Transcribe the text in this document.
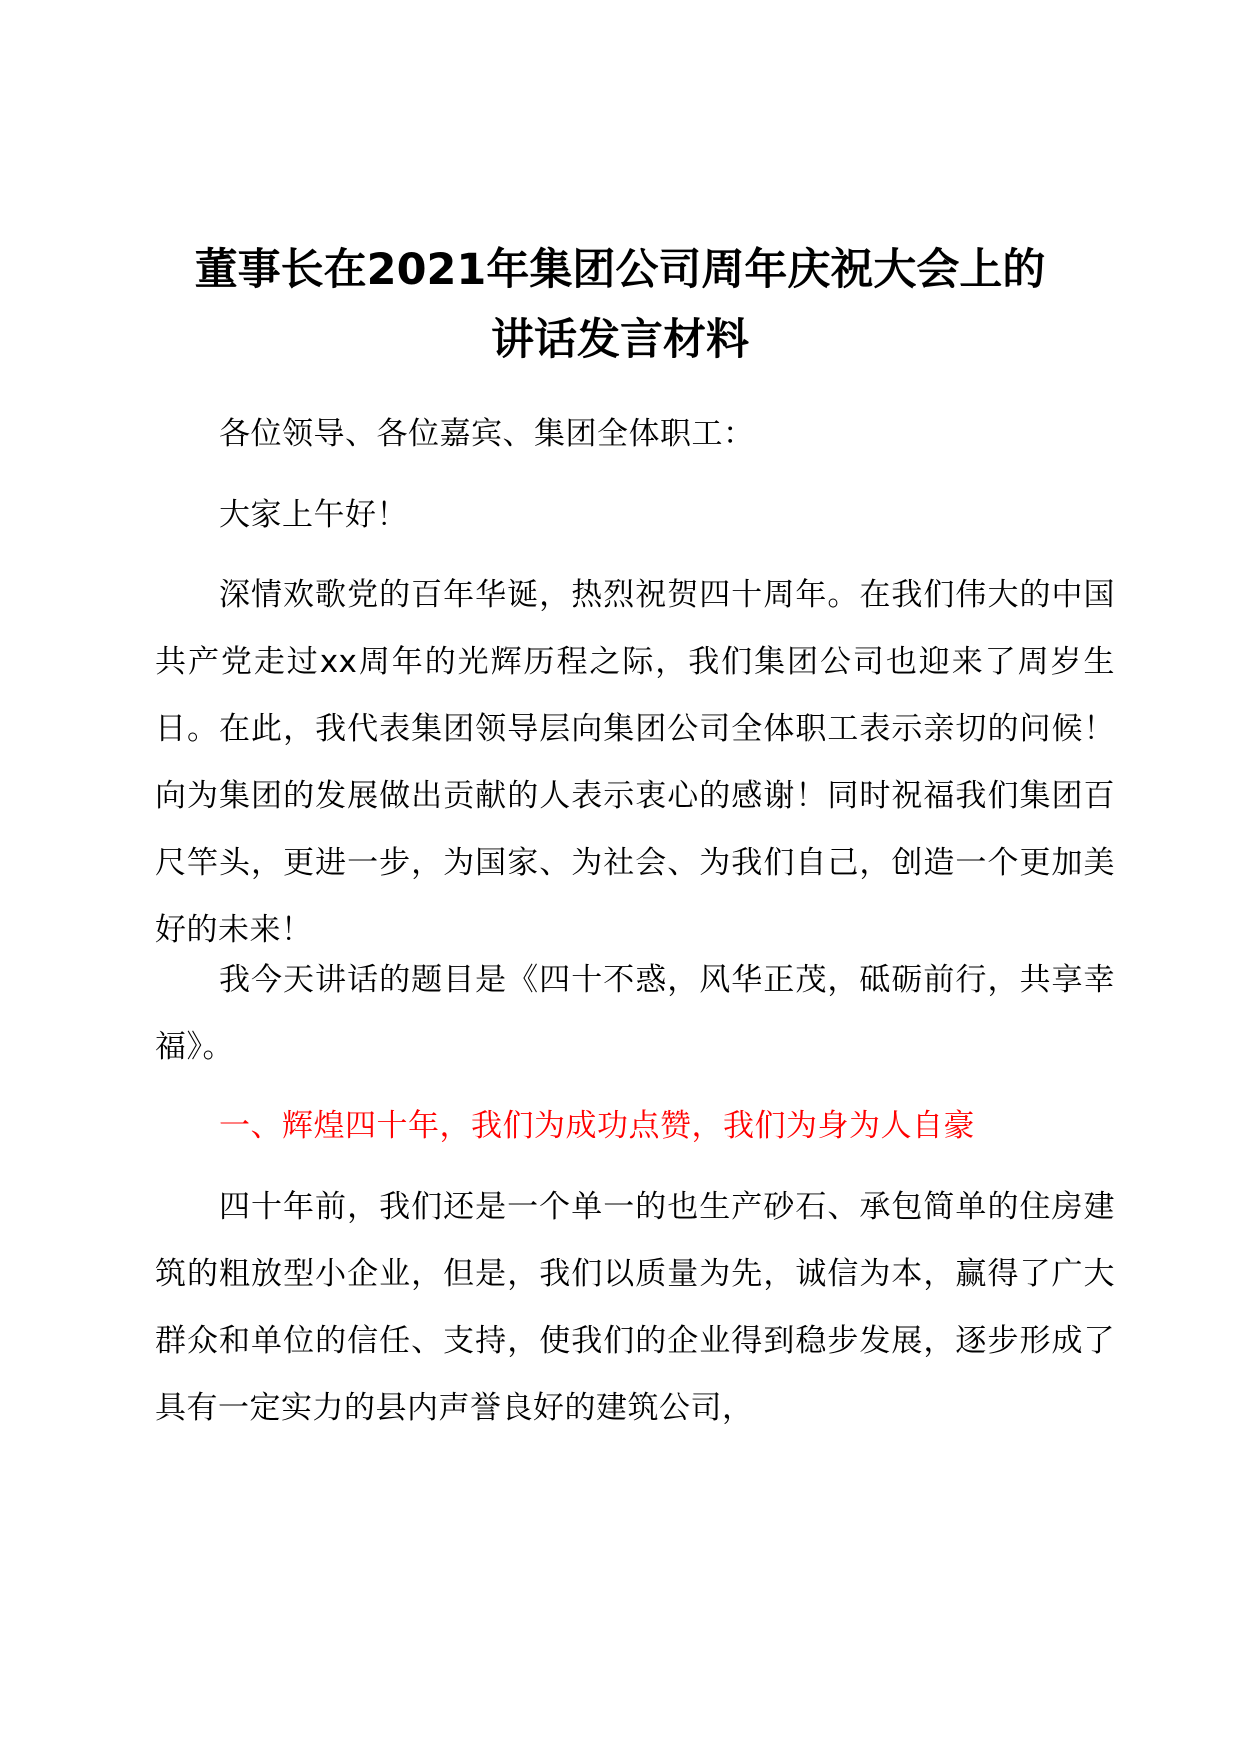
董事长在2021年集团公司周年庆祝大会上的
讲话发言材料

各位领导、各位嘉宾、集团全体职工：

大家上午好！

深情欢歌党的百年华诞，热烈祝贺四十周年。在我们伟大的中国共产党走过xx周年的光辉历程之际，我们集团公司也迎来了周岁生日。在此，我代表集团领导层向集团公司全体职工表示亲切的问候！向为集团的发展做出贡献的人表示衷心的感谢！同时祝福我们集团百尺竿头，更进一步，为国家、为社会、为我们自己，创造一个更加美好的未来！

我今天讲话的题目是《四十不惑，风华正茂，砥砺前行，共享幸福》。

一、辉煌四十年，我们为成功点赞，我们为身为人自豪

四十年前，我们还是一个单一的也生产砂石、承包简单的住房建筑的粗放型小企业，但是，我们以质量为先，诚信为本，赢得了广大群众和单位的信任、支持，使我们的企业得到稳步发展，逐步形成了具有一定实力的县内声誉良好的建筑公司，
